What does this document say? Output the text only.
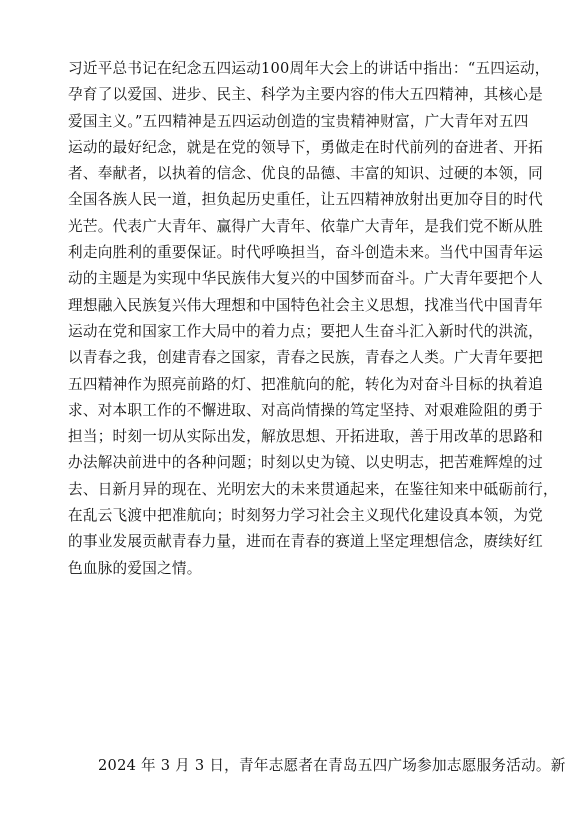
习近平总书记在纪念五四运动100周年大会上的讲话中指出：“五四运动，
孕育了以爱国、进步、民主、科学为主要内容的伟大五四精神，其核心是
爱国主义。”五四精神是五四运动创造的宝贵精神财富，广大青年对五四
运动的最好纪念，就是在党的领导下，勇做走在时代前列的奋进者、开拓
者、奉献者，以执着的信念、优良的品德、丰富的知识、过硬的本领，同
全国各族人民一道，担负起历史重任，让五四精神放射出更加夺目的时代
光芒。代表广大青年、赢得广大青年、依靠广大青年，是我们党不断从胜
利走向胜利的重要保证。时代呼唤担当，奋斗创造未来。当代中国青年运
动的主题是为实现中华民族伟大复兴的中国梦而奋斗。广大青年要把个人
理想融入民族复兴伟大理想和中国特色社会主义思想，找准当代中国青年
运动在党和国家工作大局中的着力点；要把人生奋斗汇入新时代的洪流，
以青春之我，创建青春之国家，青春之民族，青春之人类。广大青年要把
五四精神作为照亮前路的灯、把准航向的舵，转化为对奋斗目标的执着追
求、对本职工作的不懈进取、对高尚情操的笃定坚持、对艰难险阻的勇于
担当；时刻一切从实际出发，解放思想、开拓进取，善于用改革的思路和
办法解决前进中的各种问题；时刻以史为镜、以史明志，把苦难辉煌的过
去、日新月异的现在、光明宏大的未来贯通起来，在鉴往知来中砥砺前行，
在乱云飞渡中把准航向；时刻努力学习社会主义现代化建设真本领，为党
的事业发展贡献青春力量，进而在青春的赛道上坚定理想信念，赓续好红
色血脉的爱国之情。
2024 年 3 月 3 日，青年志愿者在青岛五四广场参加志愿服务活动。新
